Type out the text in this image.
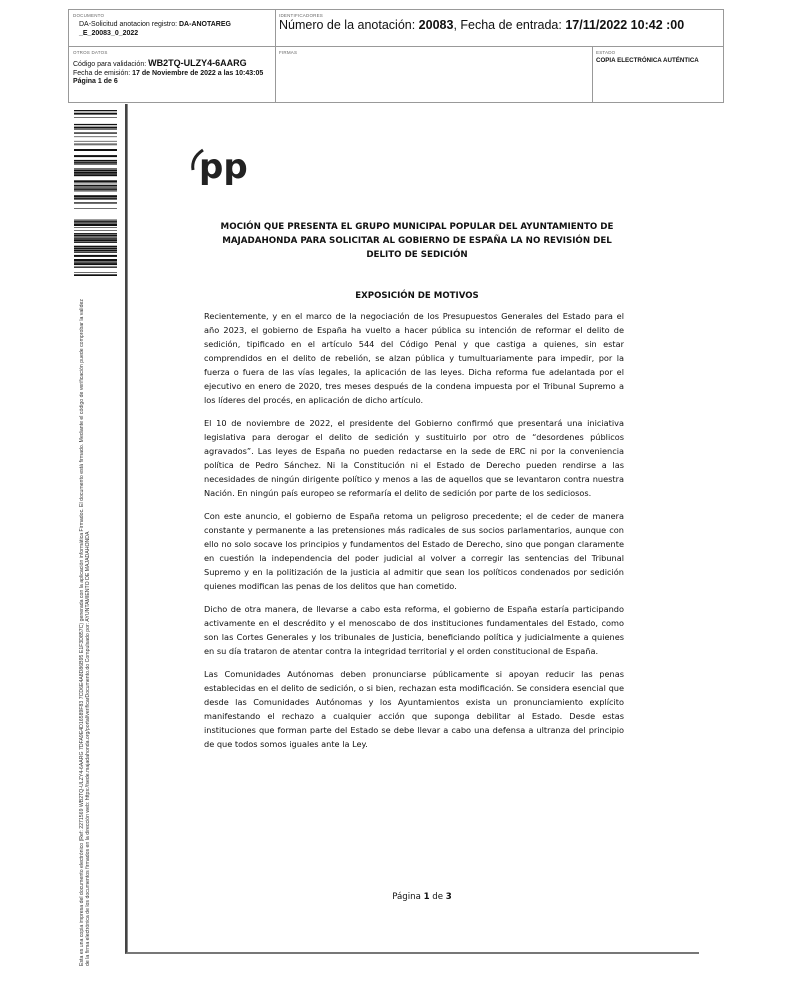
DOCUMENTO
DA-Solicitud anotacion registro: DA-ANOTAREG _E_20083_0_2022
IDENTIFICADORES
Número de la anotación: 20083, Fecha de entrada: 17/11/2022 10:42 :00
OTROS DATOS
Código para validación: WB2TQ-ULZY4-6AARG
Fecha de emisión: 17 de Noviembre de 2022 a las 10:43:05
Página 1 de 6
FIRMAS	ESTADO
COPIA ELECTRÓNICA AUTÉNTICA
Esta es una copia impresa del documento electrónico (Ref: 2271569 WB2TQ-ULZY4-6AARG 7DFA9E4D16589F83 7CD6E4A8D86B95 E1F3D857C) generada con la aplicación informática Firmadoc. El documento está firmado. Mediante el código de verificación puede comprobar la validez de la firma electrónica de los documentos firmados en la dirección web: https://sede.majadahonda.org/portal/verificarDocumento.do Compulsado por: AYUNTAMIENTO DE MAJADAHONDA
pp
MOCIÓN QUE PRESENTA EL GRUPO MUNICIPAL POPULAR DEL AYUNTAMIENTO DE MAJADAHONDA PARA SOLICITAR AL GOBIERNO DE ESPAÑA LA NO REVISIÓN DEL DELITO DE SEDICIÓN
EXPOSICIÓN DE MOTIVOS

Recientemente, y en el marco de la negociación de los Presupuestos Generales del Estado para el año 2023, el gobierno de España ha vuelto a hacer pública su intención de reformar el delito de sedición, tipificado en el artículo 544 del Código Penal y que castiga a quienes, sin estar comprendidos en el delito de rebelión, se alzan pública y tumultuariamente para impedir, por la fuerza o fuera de las vías legales, la aplicación de las leyes. Dicha reforma fue adelantada por el ejecutivo en enero de 2020, tres meses después de la condena impuesta por el Tribunal Supremo a los líderes del procés, en aplicación de dicho artículo.

El 10 de noviembre de 2022, el presidente del Gobierno confirmó que presentará una iniciativa legislativa para derogar el delito de sedición y sustituirlo por otro de “desordenes públicos agravados”. Las leyes de España no pueden redactarse en la sede de ERC ni por la conveniencia política de Pedro Sánchez. Ni la Constitución ni el Estado de Derecho pueden rendirse a las necesidades de ningún dirigente político y menos a las de aquellos que se levantaron contra nuestra Nación. En ningún país europeo se reformaría el delito de sedición por parte de los sediciosos.

Con este anuncio, el gobierno de España retoma un peligroso precedente; el de ceder de manera constante y permanente a las pretensiones más radicales de sus socios parlamentarios, aunque con ello no solo socave los principios y fundamentos del Estado de Derecho, sino que pongan claramente en cuestión la independencia del poder judicial al volver a corregir las sentencias del Tribunal Supremo y en la politización de la justicia al admitir que sean los políticos condenados por sedición quienes modifican las penas de los delitos que han cometido.

Dicho de otra manera, de llevarse a cabo esta reforma, el gobierno de España estaría participando activamente en el descrédito y el menoscabo de dos instituciones fundamentales del Estado, como son las Cortes Generales y los tribunales de Justicia, beneficiando política y judicialmente a quienes en su día trataron de atentar contra la integridad territorial y el orden constitucional de España.

Las Comunidades Autónomas deben pronunciarse públicamente si apoyan reducir las penas establecidas en el delito de sedición, o si bien, rechazan esta modificación. Se considera esencial que desde las Comunidades Autónomas y los Ayuntamientos exista un pronunciamiento explícito manifestando el rechazo a cualquier acción que suponga debilitar al Estado. Desde estas instituciones que forman parte del Estado se debe llevar a cabo una defensa a ultranza del principio de que todos somos iguales ante la Ley.

Página 1 de 3
